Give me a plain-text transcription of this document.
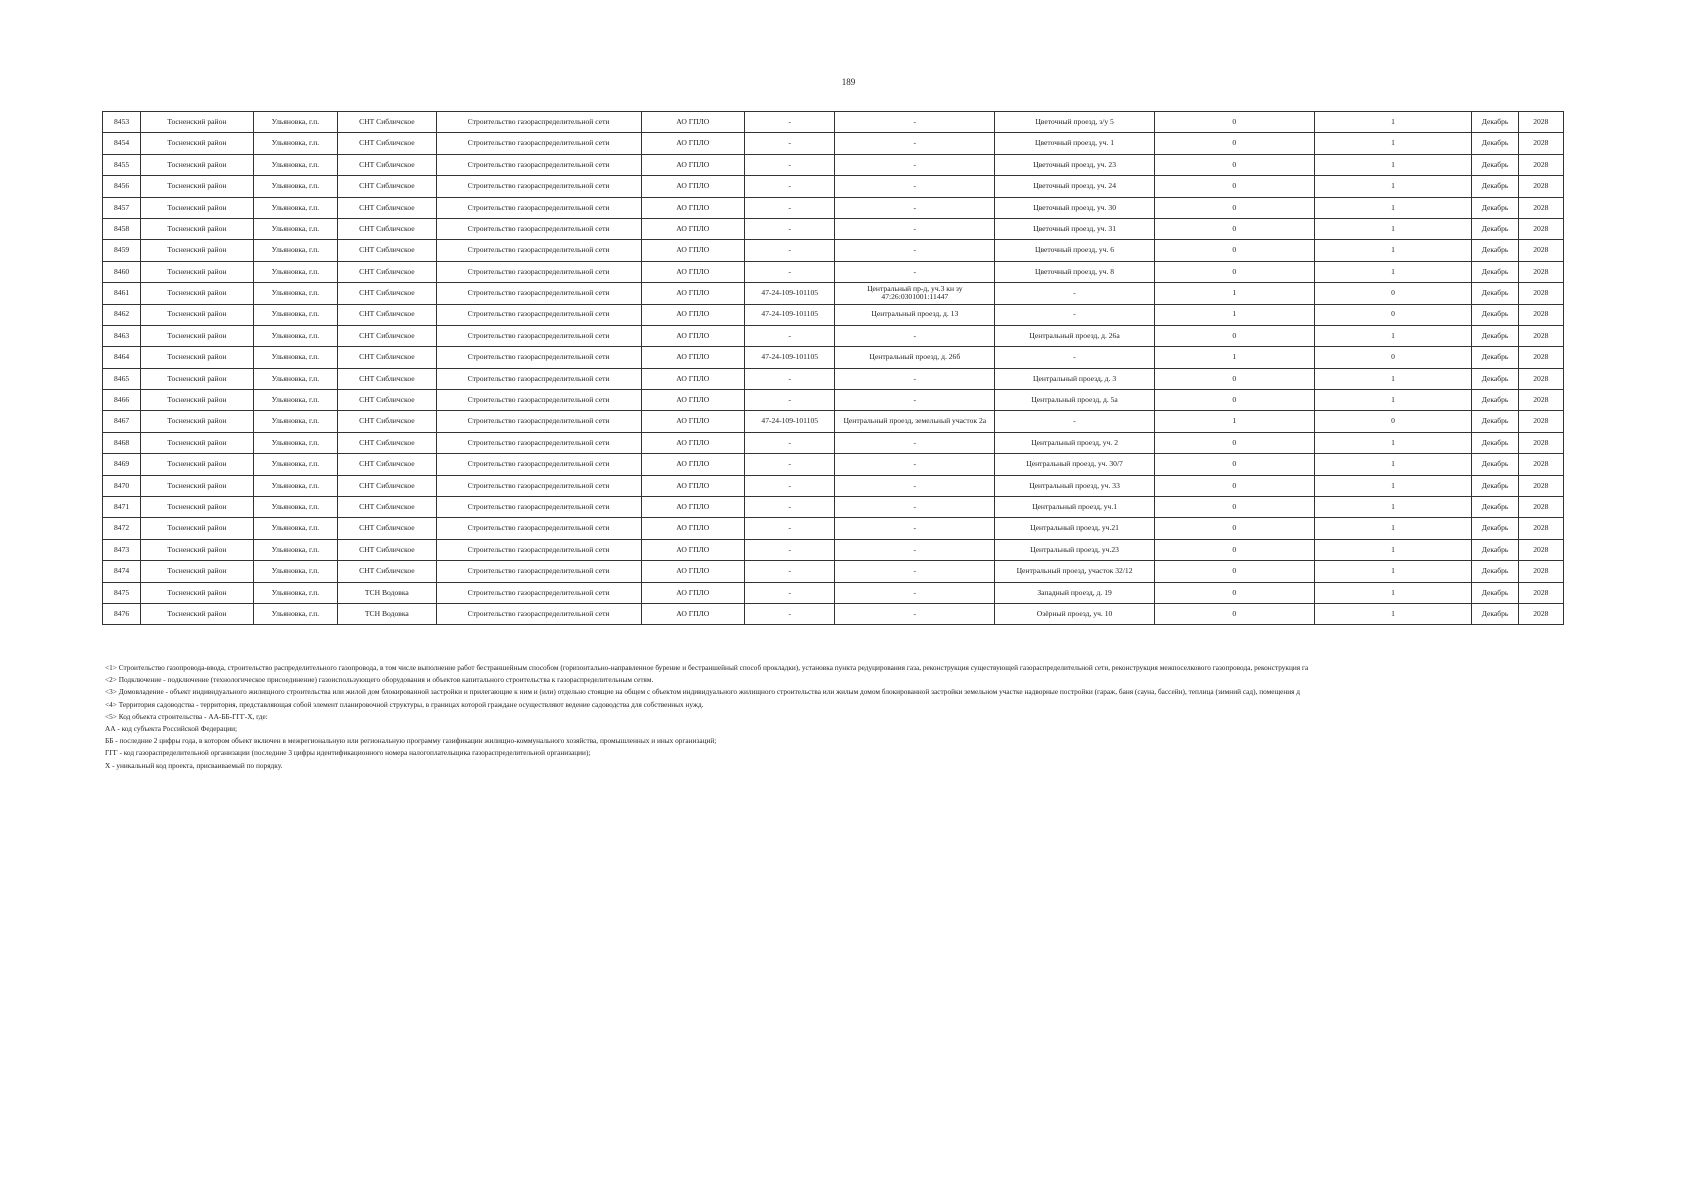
189
8453	Тосненский район	Ульяновка, г.п.	СНТ Сибличское	Строительство газораспределительной сети	АО ГПЛО	-	-	Цветочный проезд, з/у 5	0	1	Декабрь	2028
8454	Тосненский район	Ульяновка, г.п.	СНТ Сибличское	Строительство газораспределительной сети	АО ГПЛО	-	-	Цветочный проезд, уч. 1	0	1	Декабрь	2028
8455	Тосненский район	Ульяновка, г.п.	СНТ Сибличское	Строительство газораспределительной сети	АО ГПЛО	-	-	Цветочный проезд, уч. 23	0	1	Декабрь	2028
8456	Тосненский район	Ульяновка, г.п.	СНТ Сибличское	Строительство газораспределительной сети	АО ГПЛО	-	-	Цветочный проезд, уч. 24	0	1	Декабрь	2028
8457	Тосненский район	Ульяновка, г.п.	СНТ Сибличское	Строительство газораспределительной сети	АО ГПЛО	-	-	Цветочный проезд, уч. 30	0	1	Декабрь	2028
8458	Тосненский район	Ульяновка, г.п.	СНТ Сибличское	Строительство газораспределительной сети	АО ГПЛО	-	-	Цветочный проезд, уч. 31	0	1	Декабрь	2028
8459	Тосненский район	Ульяновка, г.п.	СНТ Сибличское	Строительство газораспределительной сети	АО ГПЛО	-	-	Цветочный проезд, уч. 6	0	1	Декабрь	2028
8460	Тосненский район	Ульяновка, г.п.	СНТ Сибличское	Строительство газораспределительной сети	АО ГПЛО	-	-	Цветочный проезд, уч. 8	0	1	Декабрь	2028
8461	Тосненский район	Ульяновка, г.п.	СНТ Сибличское	Строительство газораспределительной сети	АО ГПЛО	47-24-109-101105	Центральный пр-д, уч.3 кн зу 47:26:0301001:11447	-	1	0	Декабрь	2028
8462	Тосненский район	Ульяновка, г.п.	СНТ Сибличское	Строительство газораспределительной сети	АО ГПЛО	47-24-109-101105	Центральный проезд, д. 13	-	1	0	Декабрь	2028
8463	Тосненский район	Ульяновка, г.п.	СНТ Сибличское	Строительство газораспределительной сети	АО ГПЛО	-	-	Центральный проезд, д. 26а	0	1	Декабрь	2028
8464	Тосненский район	Ульяновка, г.п.	СНТ Сибличское	Строительство газораспределительной сети	АО ГПЛО	47-24-109-101105	Центральный проезд, д. 26б	-	1	0	Декабрь	2028
8465	Тосненский район	Ульяновка, г.п.	СНТ Сибличское	Строительство газораспределительной сети	АО ГПЛО	-	-	Центральный проезд, д. 3	0	1	Декабрь	2028
8466	Тосненский район	Ульяновка, г.п.	СНТ Сибличское	Строительство газораспределительной сети	АО ГПЛО	-	-	Центральный проезд, д. 5а	0	1	Декабрь	2028
8467	Тосненский район	Ульяновка, г.п.	СНТ Сибличское	Строительство газораспределительной сети	АО ГПЛО	47-24-109-101105	Центральный проезд, земельный участок 2а	-	1	0	Декабрь	2028
8468	Тосненский район	Ульяновка, г.п.	СНТ Сибличское	Строительство газораспределительной сети	АО ГПЛО	-	-	Центральный проезд, уч. 2	0	1	Декабрь	2028
8469	Тосненский район	Ульяновка, г.п.	СНТ Сибличское	Строительство газораспределительной сети	АО ГПЛО	-	-	Центральный проезд, уч. 30/7	0	1	Декабрь	2028
8470	Тосненский район	Ульяновка, г.п.	СНТ Сибличское	Строительство газораспределительной сети	АО ГПЛО	-	-	Центральный проезд, уч. 33	0	1	Декабрь	2028
8471	Тосненский район	Ульяновка, г.п.	СНТ Сибличское	Строительство газораспределительной сети	АО ГПЛО	-	-	Центральный проезд, уч.1	0	1	Декабрь	2028
8472	Тосненский район	Ульяновка, г.п.	СНТ Сибличское	Строительство газораспределительной сети	АО ГПЛО	-	-	Центральный проезд, уч.21	0	1	Декабрь	2028
8473	Тосненский район	Ульяновка, г.п.	СНТ Сибличское	Строительство газораспределительной сети	АО ГПЛО	-	-	Центральный проезд, уч.23	0	1	Декабрь	2028
8474	Тосненский район	Ульяновка, г.п.	СНТ Сибличское	Строительство газораспределительной сети	АО ГПЛО	-	-	Центральный проезд, участок 32/12	0	1	Декабрь	2028
8475	Тосненский район	Ульяновка, г.п.	ТСН Водовка	Строительство газораспределительной сети	АО ГПЛО	-	-	Западный проезд, д. 19	0	1	Декабрь	2028
8476	Тосненский район	Ульяновка, г.п.	ТСН Водовка	Строительство газораспределительной сети	АО ГПЛО	-	-	Озёрный проезд, уч. 10	0	1	Декабрь	2028
<1> Строительство газопровода-ввода, строительство распределительного газопровода, в том числе выполнение работ бестраншейным способом (горизонтально-направленное бурение и бестраншейный способ прокладки), установка пункта редуцирования газа, реконструкция существующей газораспределительной сети, реконструкция межпоселкового газопровода, реконструкция га
<2> Подключение - подключение (технологическое присоединение) газоиспользующего оборудования и объектов капитального строительства к газораспределительным сетям.
<3> Домовладение - объект индивидуального жилищного строительства или жилой дом блокированной застройки и прилегающие к ним и (или) отдельно стоящие на общем с объектом индивидуального жилищного строительства или жилым домом блокированной застройки земельном участке надворные постройки (гараж, баня (сауна, бассейн), теплица (зимний сад), помещения д
<4> Территория садоводства - территория, представляющая собой элемент планировочной структуры, в границах которой граждане осуществляют ведение садоводства для собственных нужд.
<5> Код объекта строительства - АА-ББ-ГГГ-Х, где:
АА - код субъекта Российской Федерации;
ББ - последние 2 цифры года, в котором объект включен в межрегиональную или региональную программу газификации жилищно-коммунального хозяйства, промышленных и иных организаций;
ГГГ - код газораспределительной организации (последние 3 цифры идентификационного номера налогоплательщика газораспределительной организации);
Х - уникальный код проекта, присваиваемый по порядку.
